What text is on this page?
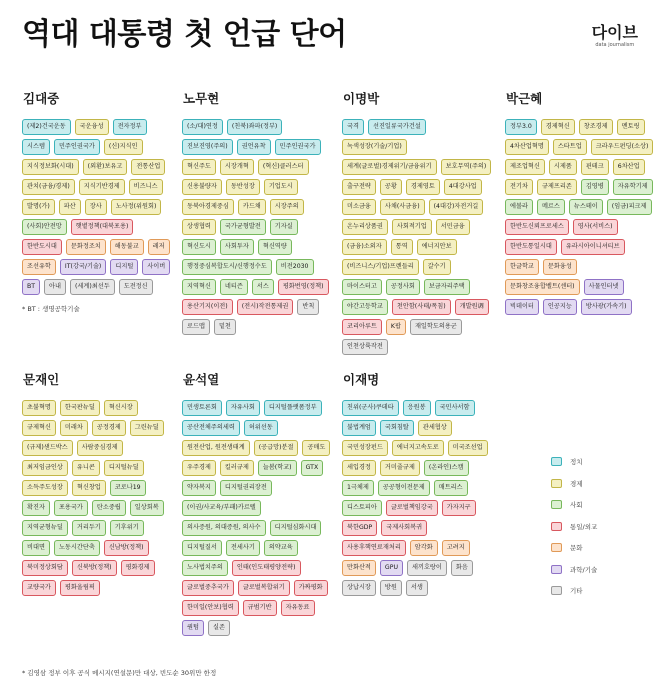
역대 대통령 첫 언급 단어	다이브
data journalism
김대중
(제2)건국운동	국운융성	전자정부
시스템	민주인권국가	(신)지식인
지식정보화(시대)	(외환)보유고	전통산업
관치(금융/경제)	지식기반경제	비즈니스
발명(가)	파산	장사	노사정(위원회)
(사회)안전망	햇볕정책(대북포용)
한반도시대	문화정조치	해동불교	레저
조선유학	IT(강국/기술)	디지털	사이버
BT	아내	(세계)최선두	도전정신
* BT : 생명공학기술
노무현
(소/대)연정	(친북)좌파(정부)
진보진영(주의)	권언유착	민주인권국가
혁신주도	시장개혁	(혁신)클러스터
신용불량자	동반성장	기업도시
동북아경제중심	카드채	시장주의
상생협력	국가균형발전	기자실
혁신도시	사회투자	혁신역량
행정중심복합도시/신행정수도	비전2030
지역혁신	네티즌	서스	평화번영(정책)
용산기지(이전)	(전시)작전통제권	반칙
로드맵	밑천
이명박
국격	선진일류국가건설
녹색성장(기술/기업)
세계(글로벌)경제위기/금융위기	보호무역(주의)
출구전략	공황	경제영토	4대강사업
미소금융	사채(사금융)	(4대강)자전거길
온누리상품권	사회적기업	서민금융
(금융)소외자	통역	에너지안보
(비즈니스/기업)프렌들리	갈수기
마이스터고	공정사회	보금자리주택
야간고등학교	천안함(사태/폭침)	개발원调
코리아루트	K팝	재일학도의용군
인천상륙작전
박근혜
정부3.0	경제혁신	창조경제	멘토링
4차산업혁명	스타트업	크라우드펀딩(소상)
제조업혁신	시제품	핀테크	6차산업
전기차	규제프리존	김영병	자유학기제
에볼라	메르스	뉴스테이	(임금)피크제
한반도신뢰프로세스	영사(서비스)
한반도통일시대	유라시아이니셔티브
한글학교	문화융성
문화창조융합벨트(센터)	사물인터넷
빅데이터	인공지능	방사광(가속기)
문재인
초불혁명	한국판뉴딜	혁신시장
규제혁신	미래차	공정경제	그린뉴딜
(규제)샌드박스	사람중심경제
최저임금인상	유니콘	디지털뉴딜
소득주도성장	혁신창업	코로나19
확진자	포용국가	탄소중립	일상회복
지역균형뉴딜	거리두기	기후위기
비대면	노동시간단축	신남방(정책)
북미정상회담	신북방(정책)	평화경제
교량국가	평화올림픽
윤석열
민생토론회	자유사회	디지털플랫폼정부
공산전체주의세력	허위선동
원전산업, 원전생태계	(공급망)분절	공매도
우주경제	킬러규제	늘봄(학교)	GTX
약자복지	디지털권리장전
(이권/사교육/부패)카르텔
의사증원, 의대증원, 의사수	디지털심화시대
디지털질서	전세사기	의약교육
노사법치주의	인태(인도태평양전략)
글로벌중추국가	글로벌복합위기	가짜평화
한미일(안보)협력	규범기반	자유동료
퀀텀	실존
이재명
친위(군사)쿠데타	응원봉	국민사서함
불법계엄	국회침탈	관세협상
국민성장펀드	에너지고속도로	미국조선업
세입경정	거미줄규제	(온라인)스캠
1극체제	공공형이전문제	매트리스
디스토피아	글로벌책임강국	가자지구
북한GDP	국제사회복귀
사용후핵연료재처리	암각화	고려지
만화산적	GPU	새끼호랑이	화음
상납시장	방원	서생
정치
경제
사회
통일/외교
문화
과학/기술
기타
* 김영삼 정부 이후 공식 메시지(연설문)만 대상, 빈도순 30위만 한정
